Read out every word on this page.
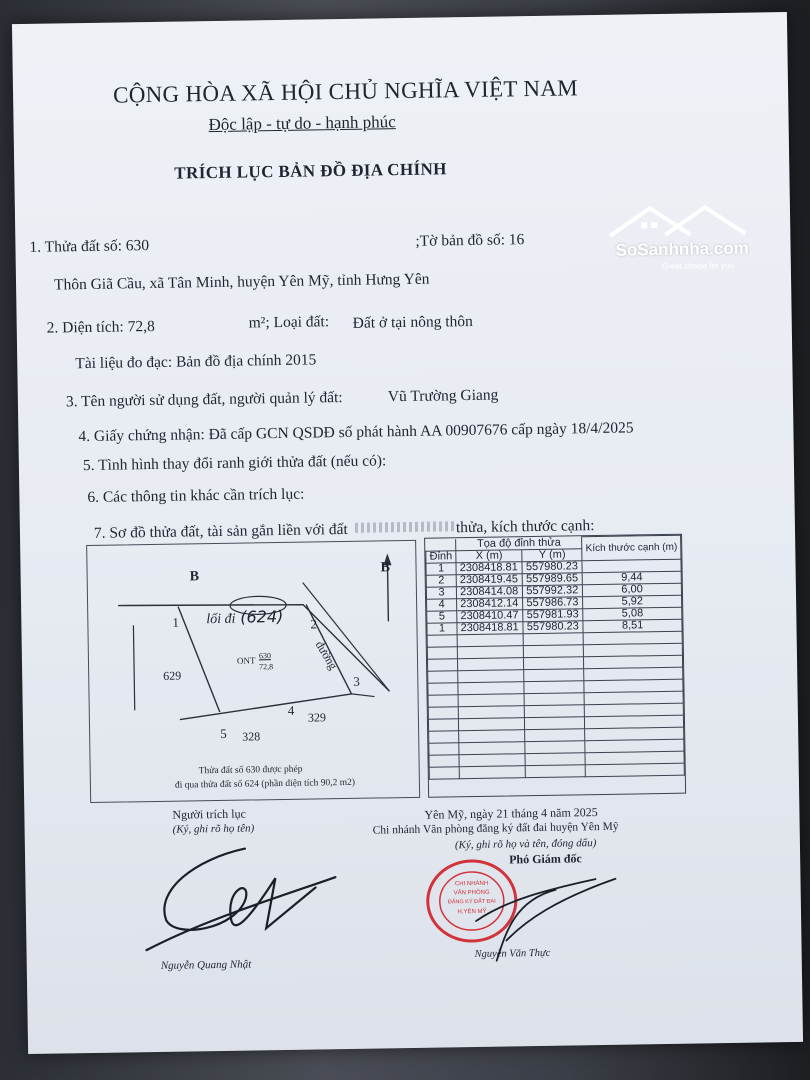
CỘNG HÒA XÃ HỘI CHỦ NGHĨA VIỆT NAM
Độc lập - tự do - hạnh phúc
TRÍCH LỤC BẢN ĐỒ ĐỊA CHÍNH
1. Thửa đất số: 630	;Tờ bản đồ số: 16
Thôn Giã Cầu, xã Tân Minh, huyện Yên Mỹ, tỉnh Hưng Yên
2. Diện tích: 72,8	m²; Loại đất: Đất ở tại nông thôn
Tài liệu đo đạc: Bản đồ địa chính 2015
3. Tên người sử dụng đất, người quản lý đất:	Vũ Trường Giang
4. Giấy chứng nhận: Đã cấp GCN QSDĐ số phát hành AA 00907676 cấp ngày 18/4/2025
5. Tình hình thay đổi ranh giới thửa đất (nếu có):
6. Các thông tin khác cần trích lục:
7. Sơ đồ thửa đất, tài sản gắn liền với đất	thửa, kích thước cạnh:
1	2
3
4
5
lối đi (624)
đường
629
328
329
ONT 630
72,8
B
Thửa đất số 630 được phép
đi qua thửa đất số 624 (phần diện tích 90,2 m2)
B
	Tọa độ đỉnh thửa		Kích thước cạnh (m)
Đỉnh	X (m)	Y (m)	
1	2308418.81	557980.23	
2	2308419.45	557989.65	9,44
3	2308414.08	557992.32	6,00
4	2308412.14	557986.73	5,92
5	2308410.47	557981.93	5,08
1	2308418.81	557980.23	8,51

Người trích lục
(Ký, ghi rõ họ tên)
Yên Mỹ, ngày 21 tháng 4 năm 2025
Chi nhánh Văn phòng đăng ký đất đai huyện Yên Mỹ
(Ký, ghi rõ họ và tên, đóng dấu)
Phó Giám đốc
Nguyễn Quang Nhật
CHI NHÁNH
VĂN PHÒNG
ĐĂNG KÝ ĐẤT ĐAI
H.YÊN MỸ
Nguyễn Văn Thực
SoSanhnha.com
Great choice for you
